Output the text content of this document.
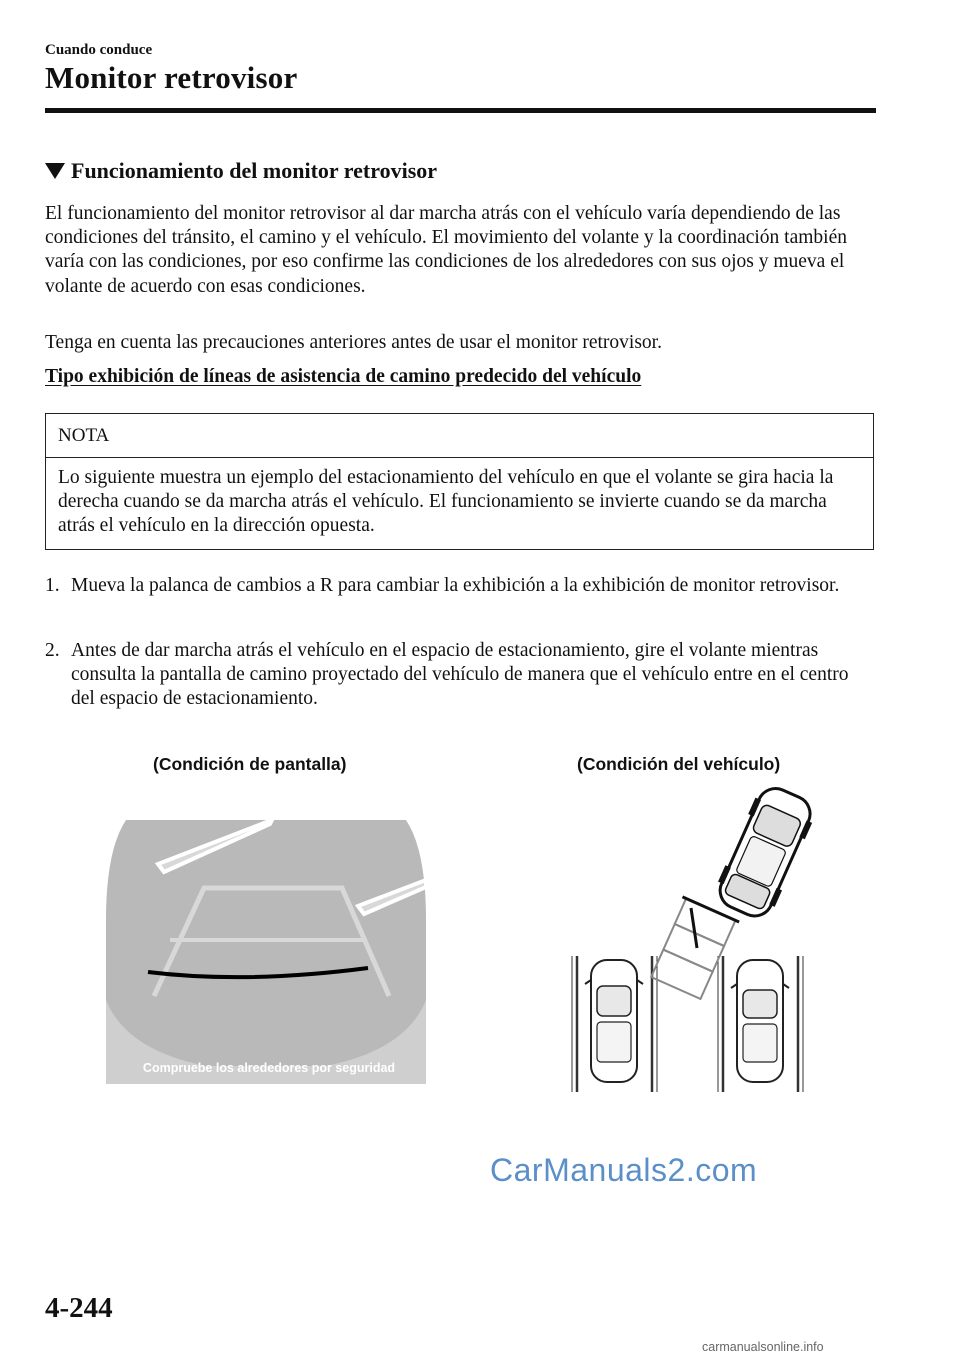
Cuando conduce
Monitor retrovisor
Funcionamiento del monitor retrovisor
El funcionamiento del monitor retrovisor al dar marcha atrás con el vehículo varía dependiendo de las condiciones del tránsito, el camino y el vehículo. El movimiento del volante y la coordinación también varía con las condiciones, por eso confirme las condiciones de los alrededores con sus ojos y mueva el volante de acuerdo con esas condiciones.
Tenga en cuenta las precauciones anteriores antes de usar el monitor retrovisor.
Tipo exhibición de líneas de asistencia de camino predecido del vehículo
NOTA
Lo siguiente muestra un ejemplo del estacionamiento del vehículo en que el volante se gira hacia la derecha cuando se da marcha atrás el vehículo. El funcionamiento se invierte cuando se da marcha atrás el vehículo en la dirección opuesta.
1. Mueva la palanca de cambios a R para cambiar la exhibición a la exhibición de monitor retrovisor.
2. Antes de dar marcha atrás el vehículo en el espacio de estacionamiento, gire el volante mientras consulta la pantalla de camino proyectado del vehículo de manera que el vehículo entre en el centro del espacio de estacionamiento.
(Condición de pantalla)	(Condición del vehículo)
Compruebe los alrededores por seguridad
CarManuals2.com
4-244
carmanualsonline.info
